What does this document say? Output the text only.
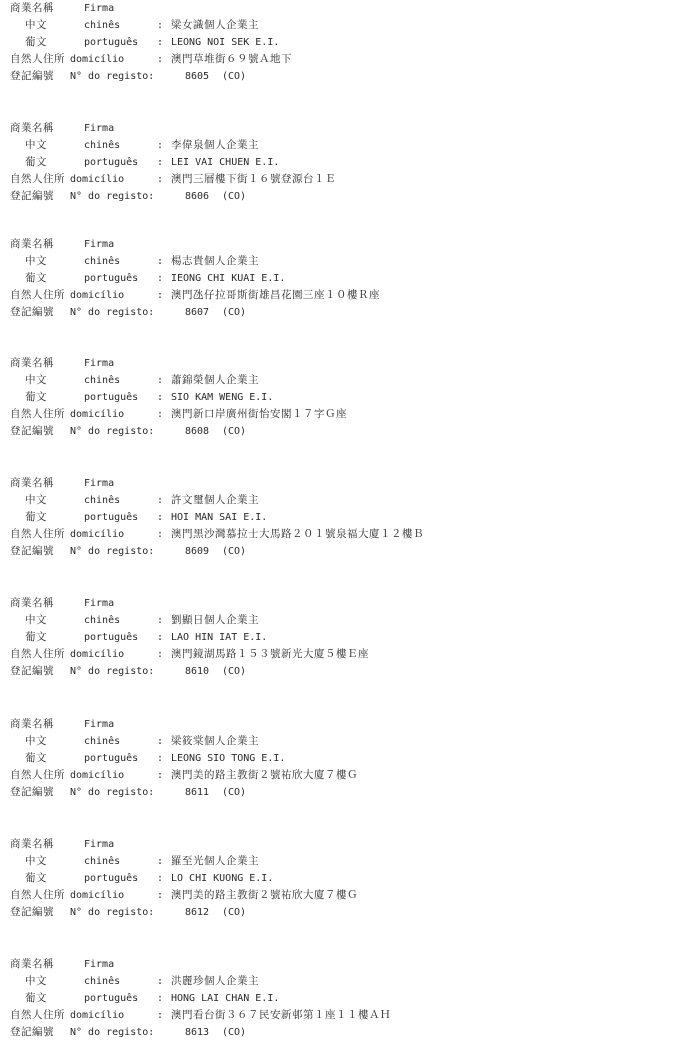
商業名稱	Firma
中文	chinês	: 梁女識個人企業主
葡文	português : LEONG NOI SEK E.I.
自然人住所 domicílio	: 澳門草堆街６９號Ａ地下
登記編號 N° do registo:	8605 (CO)
商業名稱	Firma
中文	chinês	: 李偉泉個人企業主
葡文	português : LEI VAI CHUEN E.I.
自然人住所 domicílio	: 澳門三層樓下街１６號登源台１Ｅ
登記編號 N° do registo:	8606 (CO)
商業名稱	Firma
中文	chinês	: 楊志貴個人企業主
葡文	português : IEONG CHI KUAI E.I.
自然人住所 domicílio	: 澳門氹仔拉哥斯街雄昌花園三座１０樓Ｒ座
登記編號 N° do registo:	8607 (CO)
商業名稱	Firma
中文	chinês	: 蕭錦榮個人企業主
葡文	português : SIO KAM WENG E.I.
自然人住所 domicílio	: 澳門新口岸廣州街怡安閣１７字Ｇ座
登記編號 N° do registo:	8608 (CO)
商業名稱	Firma
中文	chinês	: 許文璽個人企業主
葡文	português : HOI MAN SAI E.I.
自然人住所 domicílio	: 澳門黑沙灣慕拉士大馬路２０１號泉福大廈１２樓Ｂ
登記編號 N° do registo:	8609 (CO)
商業名稱	Firma
中文	chinês	: 劉顯日個人企業主
葡文	português : LAO HIN IAT E.I.
自然人住所 domicílio	: 澳門鏡湖馬路１５３號新光大廈５樓Ｅ座
登記編號 N° do registo:	8610 (CO)
商業名稱	Firma
中文	chinês	: 梁筱棠個人企業主
葡文	português : LEONG SIO TONG E.I.
自然人住所 domicílio	: 澳門美的路主教街２號祐欣大廈７樓Ｇ
登記編號 N° do registo:	8611 (CO)
商業名稱	Firma
中文	chinês	: 羅至光個人企業主
葡文	português : LO CHI KUONG E.I.
自然人住所 domicílio	: 澳門美的路主教街２號祐欣大廈７樓Ｇ
登記編號 N° do registo:	8612 (CO)
商業名稱	Firma
中文	chinês	: 洪麗珍個人企業主
葡文	português : HONG LAI CHAN E.I.
自然人住所 domicílio	: 澳門看台街３６７民安新邨第１座１１樓ＡＨ
登記編號 N° do registo:	8613 (CO)
